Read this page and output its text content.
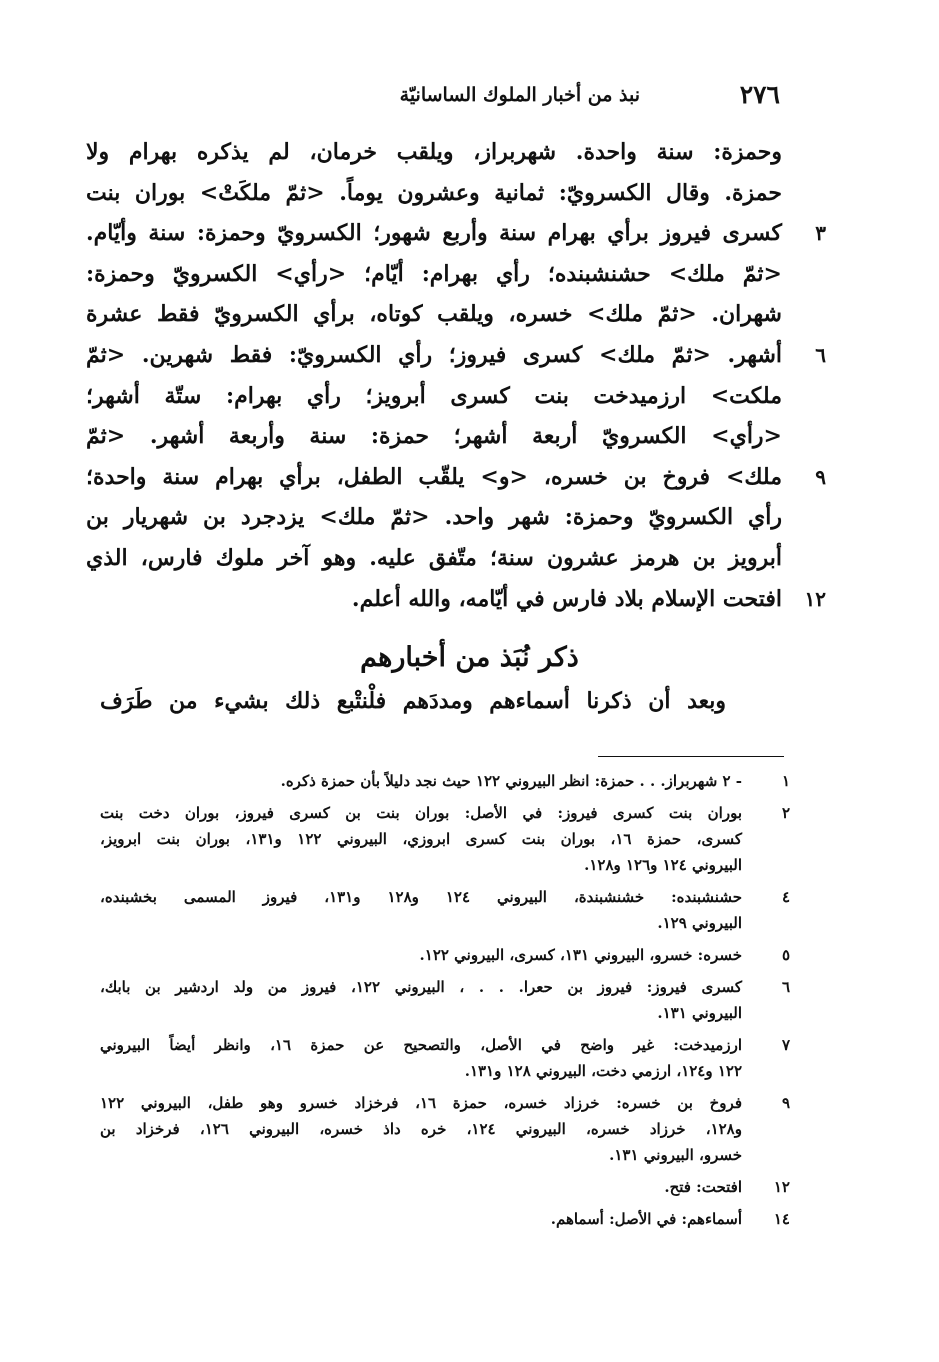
٢٧٦
نبذ من أخبار الملوك الساسانيّة
وحمزة: سنة واحدة. شهربراز، ويلقب خرمان، لم يذكره بهرام ولا
حمزة. وقال الكسرويّ: ثمانية وعشرون يوماً. <ثمّ ملكَتْ> بوران بنت
٣
كسرى فيروز برأي بهرام سنة وأربع شهور؛ الكسرويّ وحمزة: سنة وأيّام.
<ثمّ ملك> حشنشبنده؛ رأي بهرام: أيّام؛ <رأي> الكسرويّ وحمزة:
شهران. <ثمّ ملك> خسره، ويلقب كوتاه، برأي الكسرويّ فقط عشرة
٦
أشهر. <ثمّ ملك> كسرى فيروز؛ رأي الكسرويّ: فقط شهرين. <ثمّ
ملكت> ارزميدخت بنت كسرى أبرويز؛ رأي بهرام: ستّة أشهر؛
<رأي> الكسرويّ أربعة أشهر؛ حمزة: سنة وأربعة أشهر. <ثمّ
٩
ملك> فروخ بن خسره، <و> يلقّب الطفل، برأي بهرام سنة واحدة؛
رأي الكسرويّ وحمزة: شهر واحد. <ثمّ ملك> يزدجرد بن شهريار بن
أبرويز بن هرمز عشرون سنة؛ متّفق عليه. وهو آخر ملوك فارس، الذي
١٢
افتحت الإسلام بلاد فارس في أيّامه، والله أعلم.
ذكر نُبَذ من أخبارهم
وبعد أن ذكرنا أسماءهم ومددَهم فلْنتْبع ذلك بشيء من طَرَف
١
- ٢ شهربراز. . . حمزة: انظر البيروني ١٢٢ حيث نجد دليلاً بأن حمزة ذكره.
٢
بوران بنت كسرى فيروز: في الأصل: بوران بنت بن كسرى فيروز، بوران دخت بنت
كسرى، حمزة ١٦، بوران بنت كسرى ابروزي، البيروني ١٢٢ و١٣١، بوران بنت ابرويز،
البيروني ١٢٤ و١٢٦ و١٢٨.
٤
حشنشبنده: خشنشبندة، البيروني ١٢٤ و١٢٨ و١٣١، فيروز المسمى بخشبنده،
البيروني ١٢٩.
٥
خسره: خسرو، البيروني ١٣١، كسرى، البيروني ١٢٢.
٦
كسرى فيروز: فيروز بن حعرا. . . ، البيروني ١٢٢، فيروز من ولد اردشير بن بابك،
البيروني ١٣١.
٧
ارزميدخت: غير واضح في الأصل، والتصحيح عن حمزة ١٦، وانظر أيضاً البيروني
١٢٢ و١٢٤، ارزمي دخت، البيروني ١٢٨ و١٣١.
٩
فروخ بن خسره: خرزاد خسره، حمزة ١٦، فرخزاد خسرو وهو طفل، البيروني ١٢٢
و١٢٨، خرزاد خسره، البيروني ١٢٤، خره داذ خسره، البيروني ١٢٦، فرخزاد بن
خسرو، البيروني ١٣١.
١٢
افتحت: فتح.
١٤
أسماءهم: في الأصل: أسماهم.
